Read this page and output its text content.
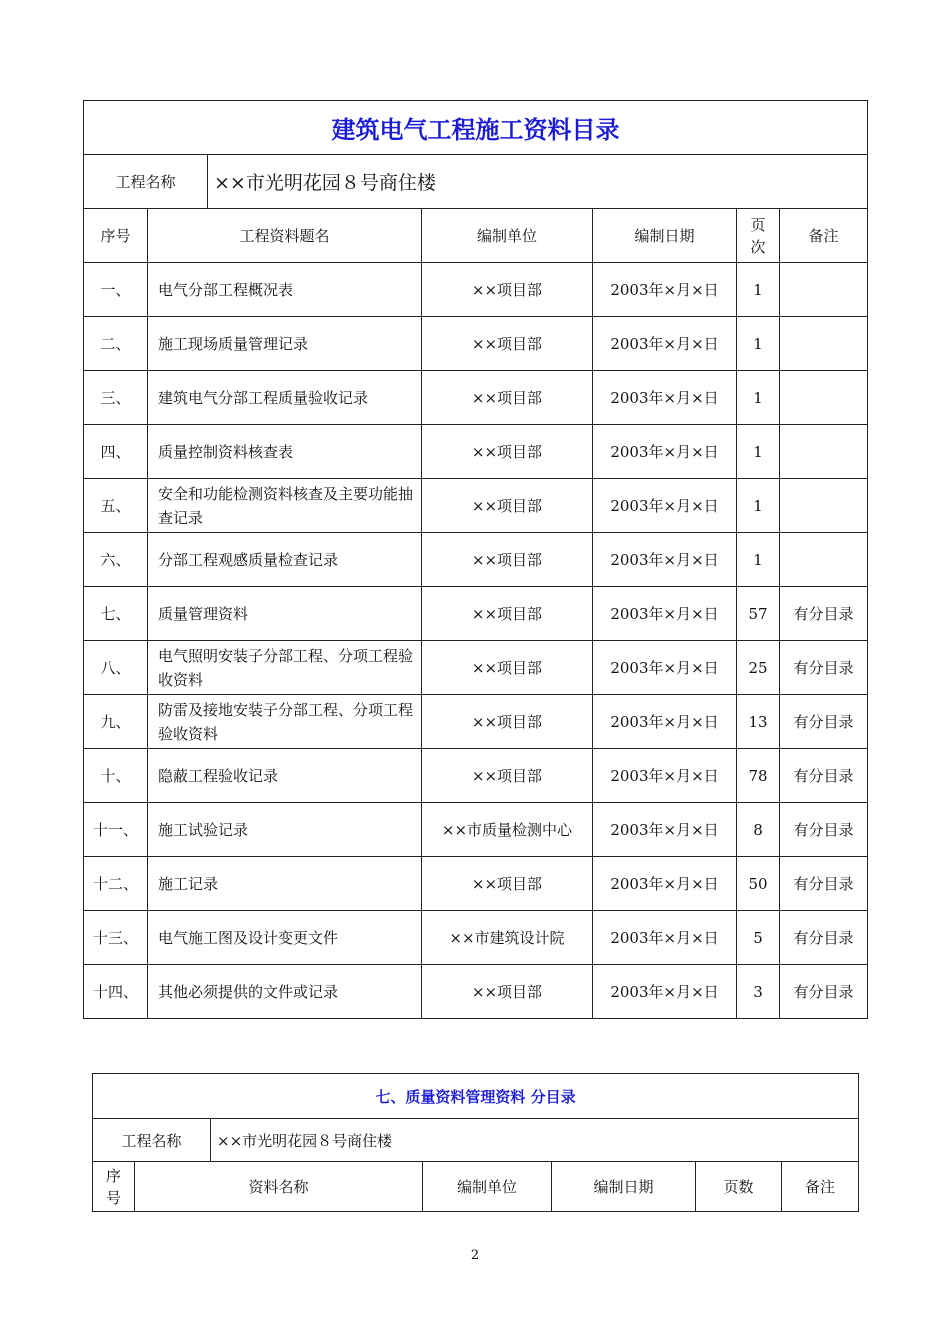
建筑电气工程施工资料目录						
工程名称		××市光明花园８号商住楼				
序号	工程资料题名		编制单位	编制日期	页次	备注
一、	电气分部工程概况表		××项目部	2003年×月×日	1	
二、	施工现场质量管理记录		××项目部	2003年×月×日	1	
三、	建筑电气分部工程质量验收记录		××项目部	2003年×月×日	1	
四、	质量控制资料核查表		××项目部	2003年×月×日	1	
五、	安全和功能检测资料核查及主要功能抽查记录		××项目部	2003年×月×日	1	
六、	分部工程观感质量检查记录		××项目部	2003年×月×日	1	
七、	质量管理资料		××项目部	2003年×月×日	57	有分目录
八、	电气照明安装子分部工程、分项工程验收资料		××项目部	2003年×月×日	25	有分目录
九、	防雷及接地安装子分部工程、分项工程验收资料		××项目部	2003年×月×日	13	有分目录
十、	隐蔽工程验收记录		××项目部	2003年×月×日	78	有分目录
十一、	施工试验记录		××市质量检测中心	2003年×月×日	8	有分目录
十二、	施工记录		××项目部	2003年×月×日	50	有分目录
十三、	电气施工图及设计变更文件		××市建筑设计院	2003年×月×日	5	有分目录
十四、	其他必须提供的文件或记录		××项目部	2003年×月×日	3	有分目录
七、质量资料管理资料 分目录						
工程名称		××市光明花园８号商住楼				
序号	资料名称		编制单位	编制日期	页数	备注
2
